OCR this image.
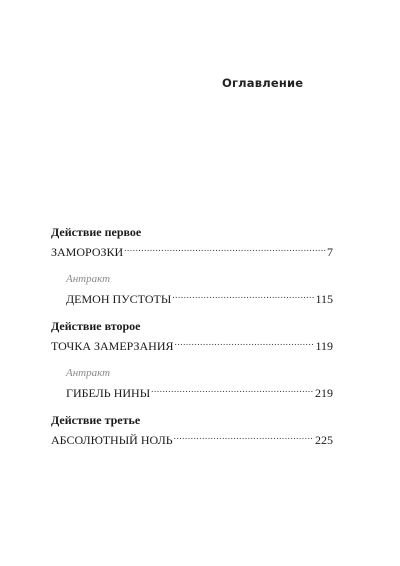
Оглавление
Действие первое
ЗАМОРОЗКИ .....	7
Антракт
ДЕМОН ПУСТОТЫ .....	115
Действие второе
ТОЧКА ЗАМЕРЗАНИЯ .....	119
Антракт
ГИБЕЛЬ НИНЫ .....	219
Действие третье
АБСОЛЮТНЫЙ НОЛЬ .....	225
